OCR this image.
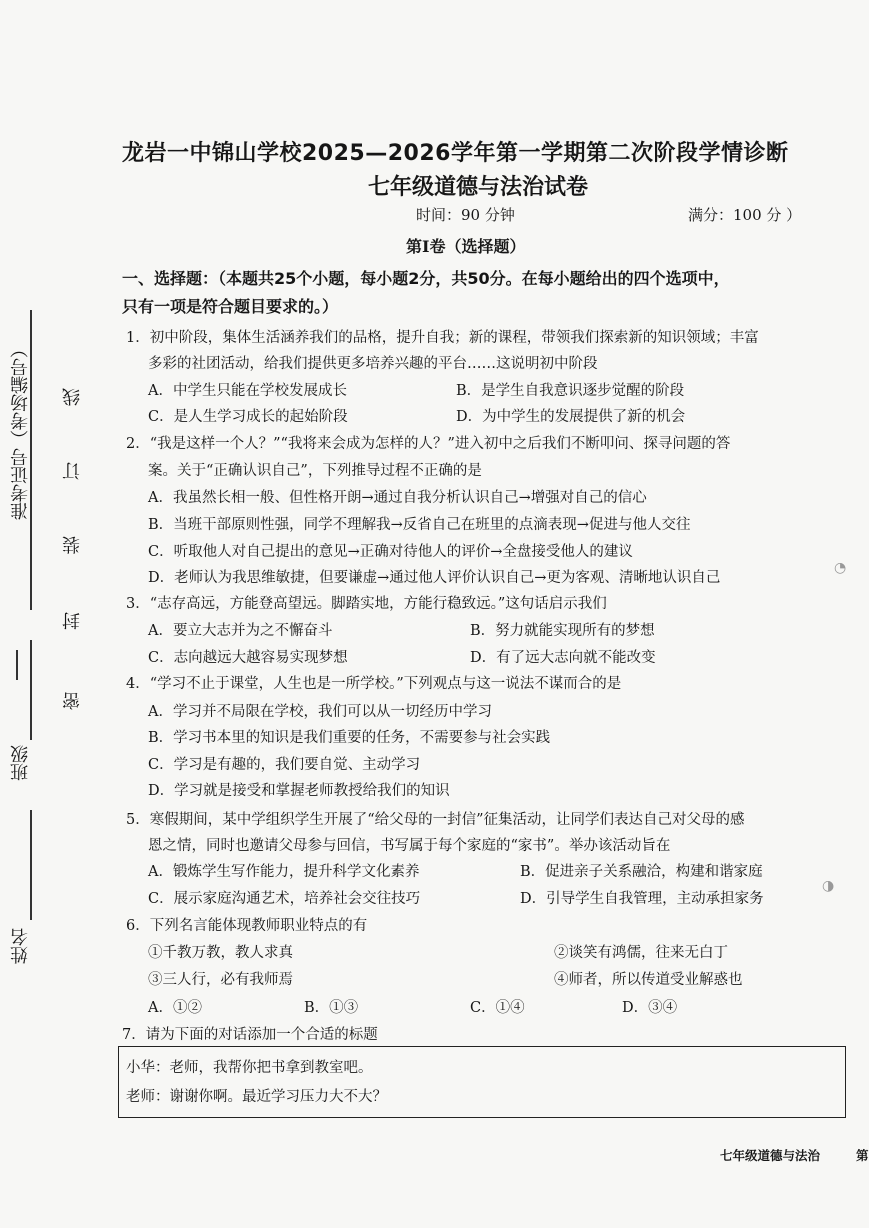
准考证号（考场编号）
班级
姓名
线
订
装
封
密
龙岩一中锦山学校2025—2026学年第一学期第二次阶段学情诊断
七年级道德与法治试卷
时间：90 分钟	满分：100 分 ）
第Ⅰ卷（选择题）
一、选择题：（本题共25个小题，每小题2分，共50分。在每小题给出的四个选项中，
只有一项是符合题目要求的。）
1．初中阶段，集体生活涵养我们的品格，提升自我；新的课程，带领我们探索新的知识领域；丰富
多彩的社团活动，给我们提供更多培养兴趣的平台……这说明初中阶段
A．中学生只能在学校发展成长	B．是学生自我意识逐步觉醒的阶段
C．是人生学习成长的起始阶段	D．为中学生的发展提供了新的机会
2．“我是这样一个人？”“我将来会成为怎样的人？”进入初中之后我们不断叩问、探寻问题的答
案。关于“正确认识自己”，下列推导过程不正确的是
A．我虽然长相一般、但性格开朗→通过自我分析认识自己→增强对自己的信心
B．当班干部原则性强，同学不理解我→反省自己在班里的点滴表现→促进与他人交往
C．听取他人对自己提出的意见→正确对待他人的评价→全盘接受他人的建议
D．老师认为我思维敏捷，但要谦虚→通过他人评价认识自己→更为客观、清晰地认识自己
3．“志存高远，方能登高望远。脚踏实地，方能行稳致远。”这句话启示我们
A．要立大志并为之不懈奋斗	B．努力就能实现所有的梦想
C．志向越远大越容易实现梦想	D．有了远大志向就不能改变
4．“学习不止于课堂，人生也是一所学校。”下列观点与这一说法不谋而合的是
A．学习并不局限在学校，我们可以从一切经历中学习
B．学习书本里的知识是我们重要的任务，不需要参与社会实践
C．学习是有趣的，我们要自觉、主动学习
D．学习就是接受和掌握老师教授给我们的知识
5．寒假期间，某中学组织学生开展了“给父母的一封信”征集活动，让同学们表达自己对父母的感
恩之情，同时也邀请父母参与回信，书写属于每个家庭的“家书”。举办该活动旨在
A．锻炼学生写作能力，提升科学文化素养	B．促进亲子关系融洽，构建和谐家庭
C．展示家庭沟通艺术，培养社会交往技巧	D．引导学生自我管理，主动承担家务
6．下列名言能体现教师职业特点的有
①千教万教，教人求真	②谈笑有鸿儒，往来无白丁
③三人行，必有我师焉	④师者，所以传道受业解惑也
A．①②	B．①③	C．①④	D．③④
7．请为下面的对话添加一个合适的标题
小华：老师，我帮你把书拿到教室吧。
老师：谢谢你啊。最近学习压力大不大？
七年级道德与法治	第
◔
◑
